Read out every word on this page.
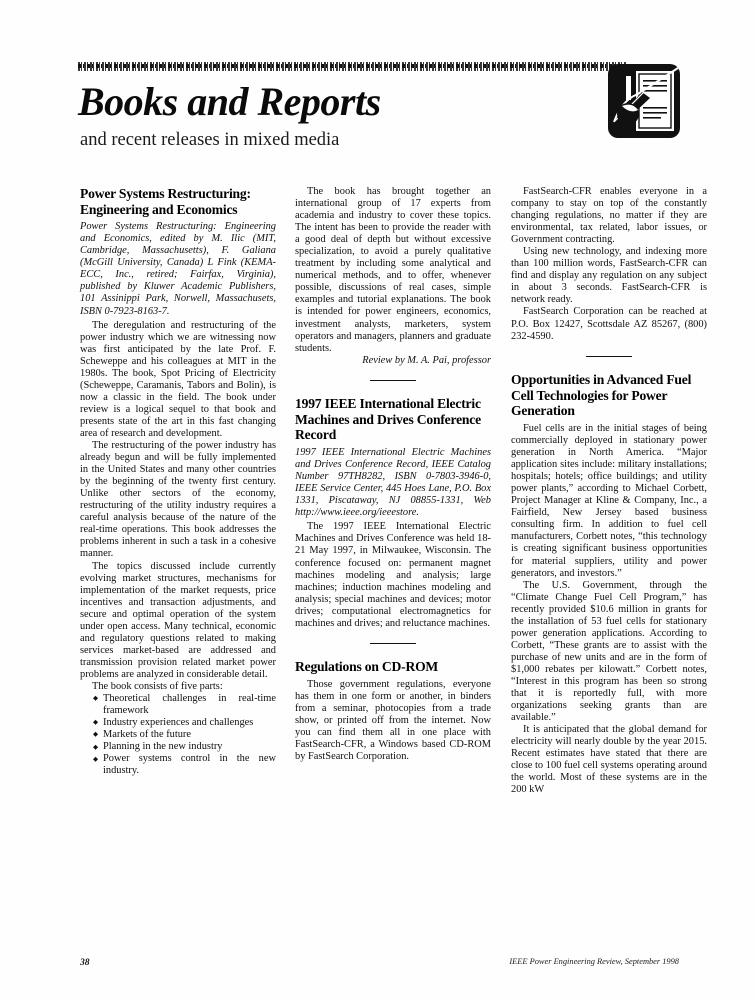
Books and Reports
and recent releases in mixed media
Power Systems Restructuring: Engineering and Economics

Power Systems Restructuring: Engineering and Economics, edited by M. Ilic (MIT, Cambridge, Massachusetts), F. Galiana (McGill University, Canada) L Fink (KEMA-ECC, Inc., retired; Fairfax, Virginia), published by Kluwer Academic Publishers, 101 Assinippi Park, Norwell, Massachusets, ISBN 0-7923-8163-7.

The deregulation and restructuring of the power industry which we are witnessing now was first anticipated by the late Prof. F. Scheweppe and his colleagues at MIT in the 1980s. The book, Spot Pricing of Electricity (Scheweppe, Caramanis, Tabors and Bolin), is now a classic in the field. The book under review is a logical sequel to that book and presents state of the art in this fast changing area of research and development.

The restructuring of the power industry has already begun and will be fully implemented in the United States and many other countries by the beginning of the twenty first century. Unlike other sectors of the economy, restructuring of the utility industry requires a careful analysis because of the nature of the real-time operations. This book addresses the problems inherent in such a task in a cohesive manner.

The topics discussed include currently evolving market structures, mechanisms for implementation of the market requests, price incentives and transaction adjustments, and secure and optimal operation of the system under open access. Many technical, economic and regulatory questions related to making services market-based are addressed and transmission provision related market power problems are analyzed in considerable detail.

The book consists of five parts:

◆ Theoretical challenges in real-time framework
◆ Industry experiences and challenges
◆ Markets of the future
◆ Planning in the new industry
◆ Power systems control in the new industry.

The book has brought together an international group of 17 experts from academia and industry to cover these topics. The intent has been to provide the reader with a good deal of depth but without excessive specialization, to avoid a purely qualitative treatment by including some analytical and numerical methods, and to offer, whenever possible, discussions of real cases, simple examples and tutorial explanations. The book is intended for power engineers, economics, investment analysts, marketers, system operators and managers, planners and graduate students.

Review by M. A. Pai, professor

1997 IEEE International Electric Machines and Drives Conference Record

1997 IEEE International Electric Machines and Drives Conference Record, IEEE Catalog Number 97TH8282, ISBN 0-7803-3946-0, IEEE Service Center, 445 Hoes Lane, P.O. Box 1331, Piscataway, NJ 08855-1331, Web http://www.ieee.org/ieeestore.

The 1997 IEEE International Electric Machines and Drives Conference was held 18-21 May 1997, in Milwaukee, Wisconsin. The conference focused on: permanent magnet machines modeling and analysis; large machines; induction machines modeling and analysis; special machines and devices; motor drives; computational electromagnetics for machines and drives; and reluctance machines.

Regulations on CD-ROM

Those government regulations, everyone has them in one form or another, in binders from a seminar, photocopies from a trade show, or printed off from the internet. Now you can find them all in one place with FastSearch-CFR, a Windows based CD-ROM by FastSearch Corporation.

FastSearch-CFR enables everyone in a company to stay on top of the constantly changing regulations, no matter if they are environmental, tax related, labor issues, or Government contracting.

Using new technology, and indexing more than 100 million words, FastSearch-CFR can find and display any regulation on any subject in about 3 seconds. FastSearch-CFR is network ready.

FastSearch Corporation can be reached at P.O. Box 12427, Scottsdale AZ 85267, (800) 232-4590.

Opportunities in Advanced Fuel Cell Technologies for Power Generation

Fuel cells are in the initial stages of being commercially deployed in stationary power generation in North America. “Major application sites include: military installations; hospitals; hotels; office buildings; and utility power plants,” according to Michael Corbett, Project Manager at Kline & Company, Inc., a Fairfield, New Jersey based business consulting firm. In addition to fuel cell manufacturers, Corbett notes, “this technology is creating significant business opportunities for material suppliers, utility and power generators, and investors.”

The U.S. Government, through the “Climate Change Fuel Cell Program,” has recently provided $10.6 million in grants for the installation of 53 fuel cells for stationary power generation applications. According to Corbett, “These grants are to assist with the purchase of new units and are in the form of $1,000 rebates per kilowatt.” Corbett notes, “Interest in this program has been so strong that it is reportedly full, with more organizations seeking grants than are available.”

It is anticipated that the global demand for electricity will nearly double by the year 2015. Recent estimates have stated that there are close to 100 fuel cell systems operating around the world. Most of these systems are in the 200 kW

38	IEEE Power Engineering Review, September 1998
